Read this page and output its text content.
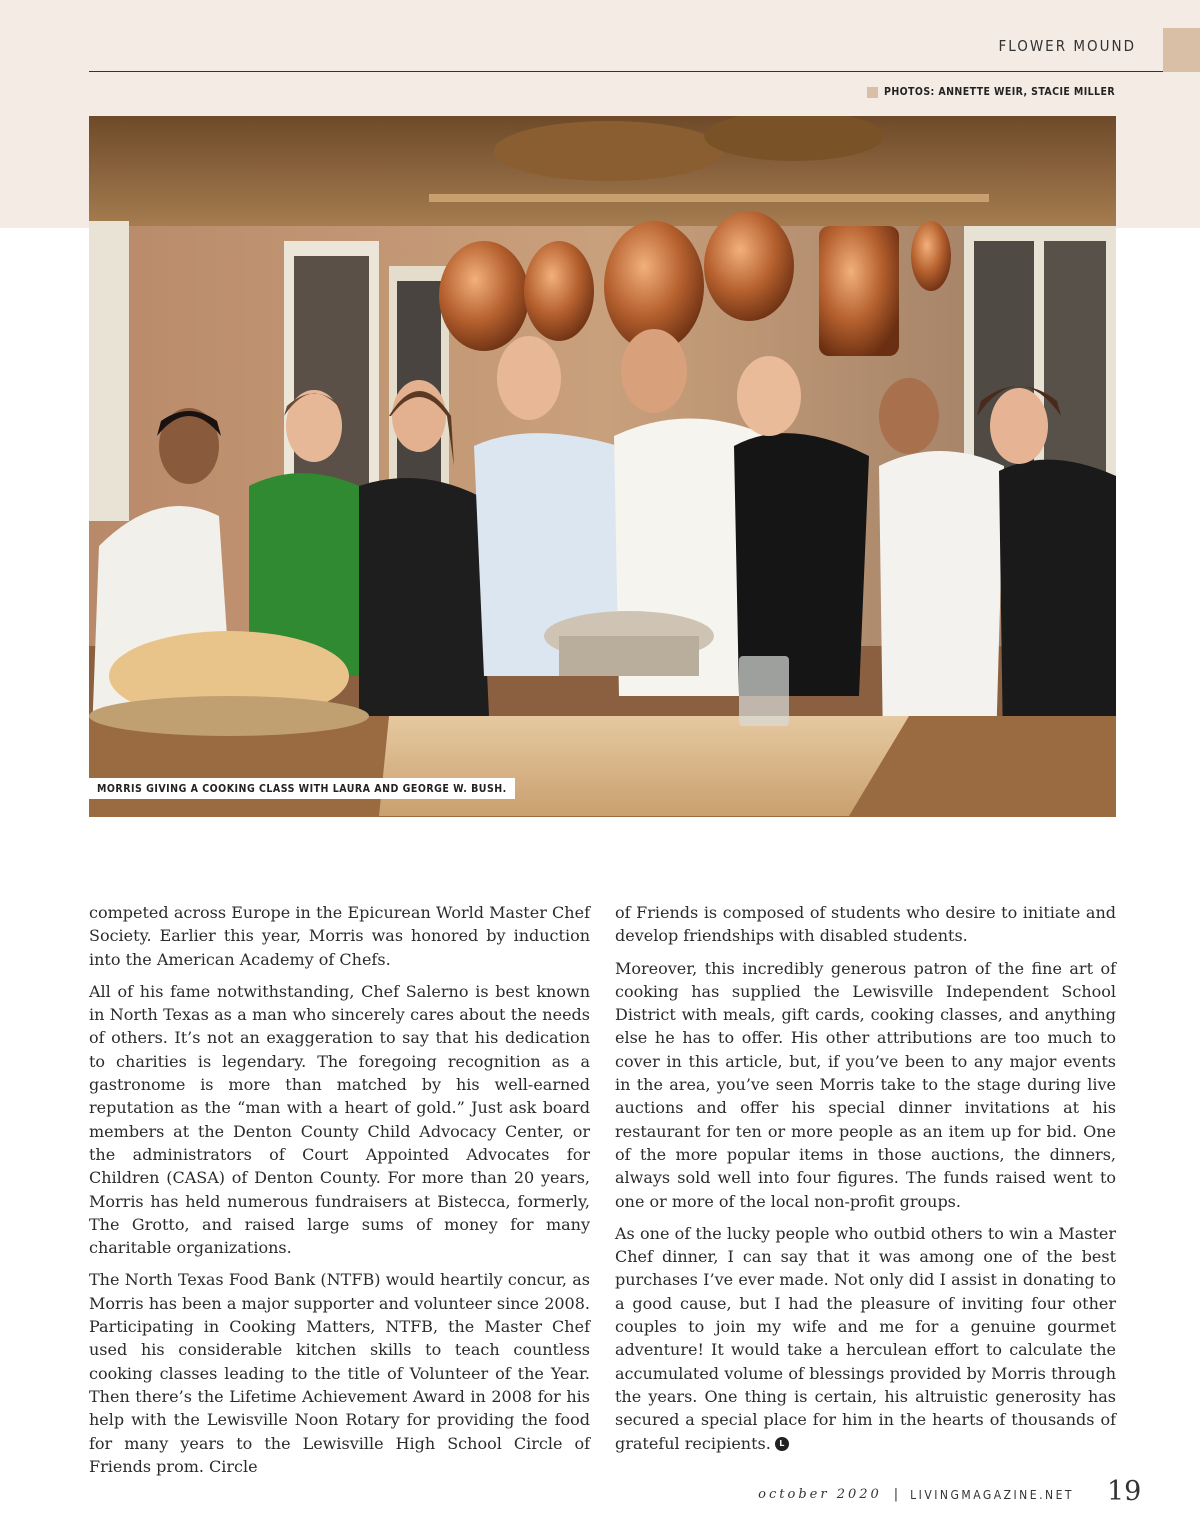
FLOWER MOUND
PHOTOS: ANNETTE WEIR, STACIE MILLER
MORRIS GIVING A COOKING CLASS WITH LAURA AND GEORGE W. BUSH.

competed across Europe in the Epicurean World Master Chef Society. Earlier this year, Morris was honored by induction into the American Academy of Chefs.

All of his fame notwithstanding, Chef Salerno is best known in North Texas as a man who sincerely cares about the needs of others. It’s not an exaggeration to say that his dedication to charities is legendary. The foregoing recognition as a gastronome is more than matched by his well-earned reputation as the “man with a heart of gold.” Just ask board members at the Denton County Child Advocacy Center, or the administrators of Court Appointed Advocates for Children (CASA) of Denton County. For more than 20 years, Morris has held numerous fundraisers at Bistecca, formerly, The Grotto, and raised large sums of money for many charitable organizations.

The North Texas Food Bank (NTFB) would heartily concur, as Morris has been a major supporter and volunteer since 2008. Participating in Cooking Matters, NTFB, the Master Chef used his considerable kitchen skills to teach countless cooking classes leading to the title of Volunteer of the Year. Then there’s the Lifetime Achievement Award in 2008 for his help with the Lewisville Noon Rotary for providing the food for many years to the Lewisville High School Circle of Friends prom. Circle

of Friends is composed of students who desire to initiate and develop friendships with disabled students.

Moreover, this incredibly generous patron of the fine art of cooking has supplied the Lewisville Independent School District with meals, gift cards, cooking classes, and anything else he has to offer. His other attributions are too much to cover in this article, but, if you’ve been to any major events in the area, you’ve seen Morris take to the stage during live auctions and offer his special dinner invitations at his restaurant for ten or more people as an item up for bid. One of the more popular items in those auctions, the dinners, always sold well into four figures. The funds raised went to one or more of the local non-profit groups.

As one of the lucky people who outbid others to win a Master Chef dinner, I can say that it was among one of the best purchases I’ve ever made. Not only did I assist in donating to a good cause, but I had the pleasure of inviting four other couples to join my wife and me for a genuine gourmet adventure! It would take a herculean effort to calculate the accumulated volume of blessings provided by Morris through the years. One thing is certain, his altruistic generosity has secured a special place for him in the hearts of thousands of grateful recipients. L

october 2020 | LIVINGMAGAZINE.NET 19
